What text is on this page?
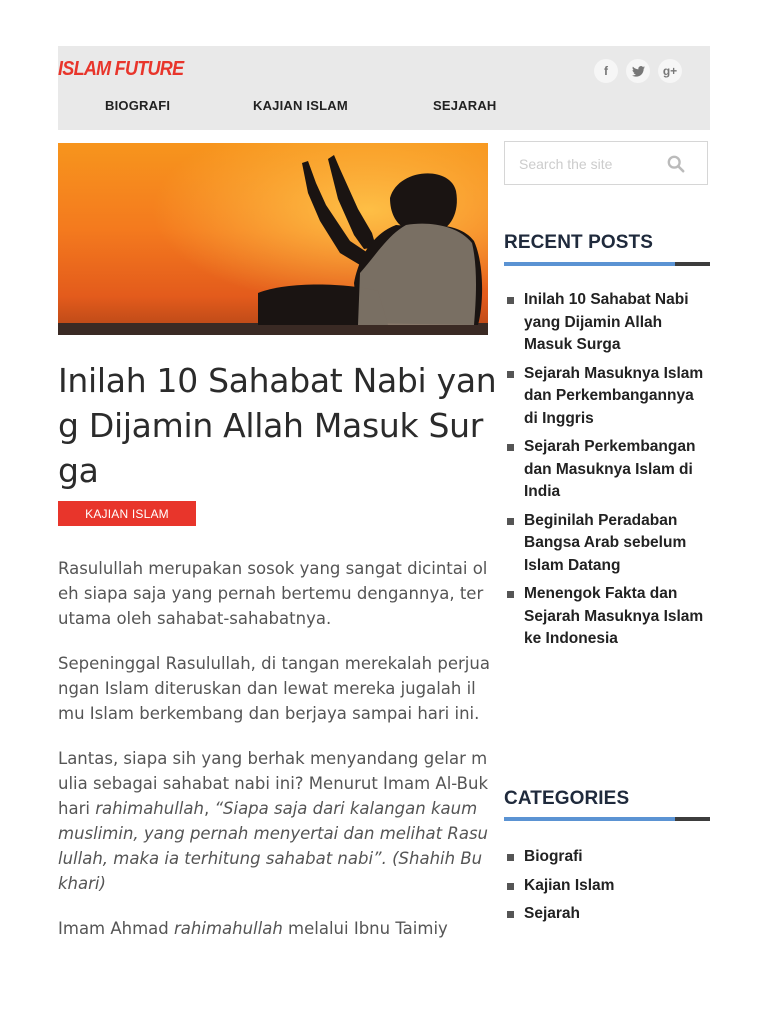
ISLAM FUTURE	f	g+
BIOGRAFI	KAJIAN ISLAM	SEJARAH
Inilah 10 Sahabat Nabi yang Dijamin Allah Masuk Surga
KAJIAN ISLAM

Rasulullah merupakan sosok yang sangat dicintai oleh siapa saja yang pernah bertemu dengannya, terutama oleh sahabat-sahabatnya.

Sepeninggal Rasulullah, di tangan merekalah perjuangan Islam diteruskan dan lewat mereka jugalah ilmu Islam berkembang dan berjaya sampai hari ini.

Lantas, siapa sih yang berhak menyandang gelar mulia sebagai sahabat nabi ini? Menurut Imam Al-Bukhari rahimahullah, “Siapa saja dari kalangan kaum muslimin, yang pernah menyertai dan melihat Rasulullah, maka ia terhitung sahabat nabi”. (Shahih Bukhari)

Imam Ahmad rahimahullah melalui Ibnu Taimiy

Search the site
RECENT POSTS
Inilah 10 Sahabat Nabi yang Dijamin Allah Masuk Surga
Sejarah Masuknya Islam dan Perkembangannya di Inggris
Sejarah Perkembangan dan Masuknya Islam di India
Beginilah Peradaban Bangsa Arab sebelum Islam Datang
Menengok Fakta dan Sejarah Masuknya Islam ke Indonesia
CATEGORIES
Biografi
Kajian Islam
Sejarah
